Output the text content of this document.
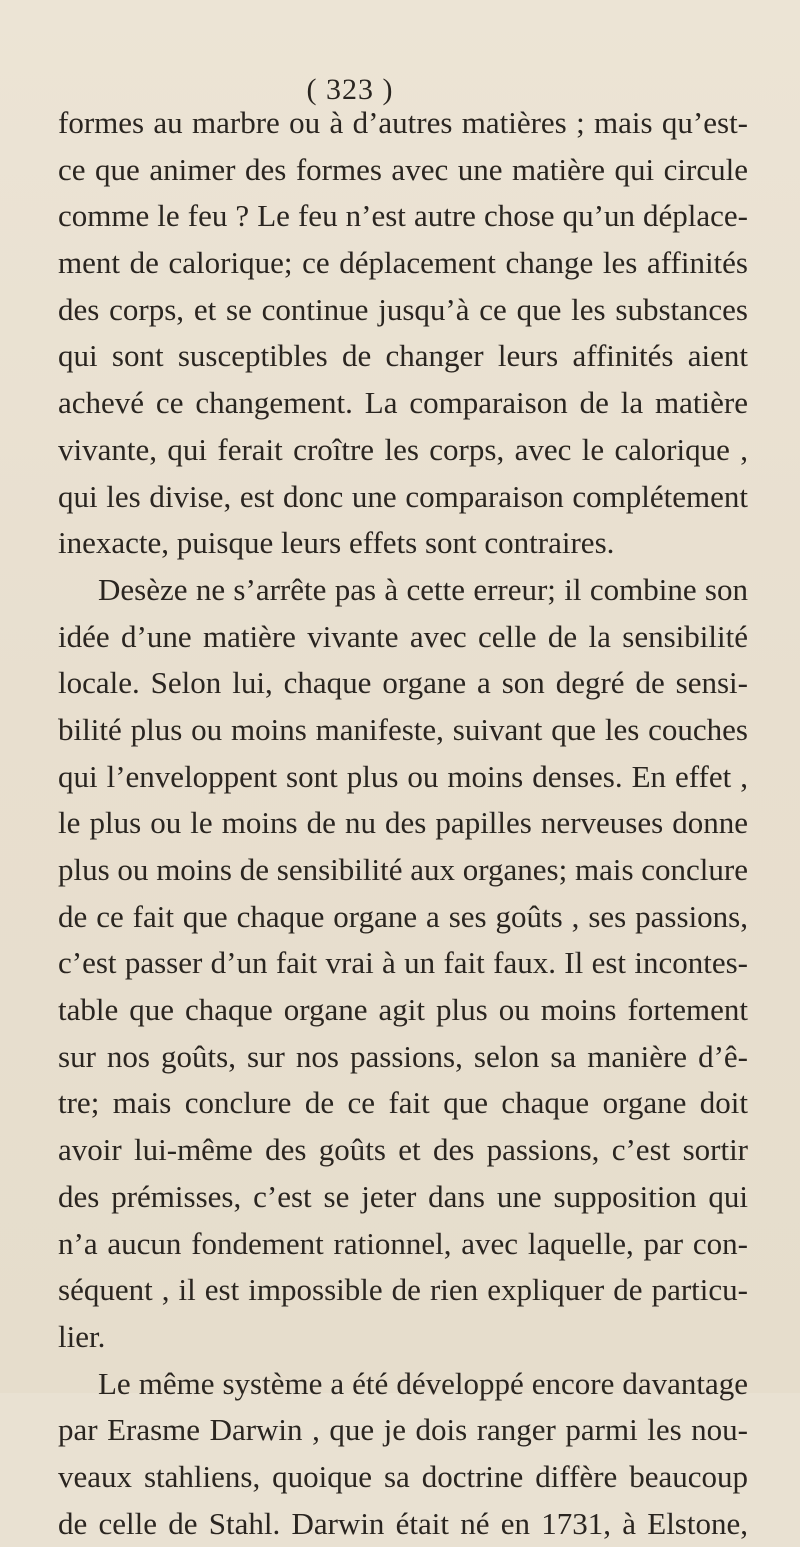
( 323 )
formes au marbre ou à d’autres matières ; mais qu’est-
ce que animer des formes avec une matière qui circule
comme le feu ? Le feu n’est autre chose qu’un déplace-
ment de calorique; ce déplacement change les affinités
des corps, et se continue jusqu’à ce que les substances
qui sont susceptibles de changer leurs affinités aient
achevé ce changement. La comparaison de la matière
vivante, qui ferait croître les corps, avec le calorique ,
qui les divise, est donc une comparaison complétement
inexacte, puisque leurs effets sont contraires.
Desèze ne s’arrête pas à cette erreur; il combine son
idée d’une matière vivante avec celle de la sensibilité
locale. Selon lui, chaque organe a son degré de sensi-
bilité plus ou moins manifeste, suivant que les couches
qui l’enveloppent sont plus ou moins denses. En effet ,
le plus ou le moins de nu des papilles nerveuses donne
plus ou moins de sensibilité aux organes; mais conclure
de ce fait que chaque organe a ses goûts , ses passions,
c’est passer d’un fait vrai à un fait faux. Il est incontes-
table que chaque organe agit plus ou moins fortement
sur nos goûts, sur nos passions, selon sa manière d’ê-
tre; mais conclure de ce fait que chaque organe doit
avoir lui-même des goûts et des passions, c’est sortir
des prémisses, c’est se jeter dans une supposition qui
n’a aucun fondement rationnel, avec laquelle, par con-
séquent , il est impossible de rien expliquer de particu-
lier.
Le même système a été développé encore davantage
par Erasme Darwin , que je dois ranger parmi les nou-
veaux stahliens, quoique sa doctrine diffère beaucoup
de celle de Stahl. Darwin était né en 1731, à Elstone,
